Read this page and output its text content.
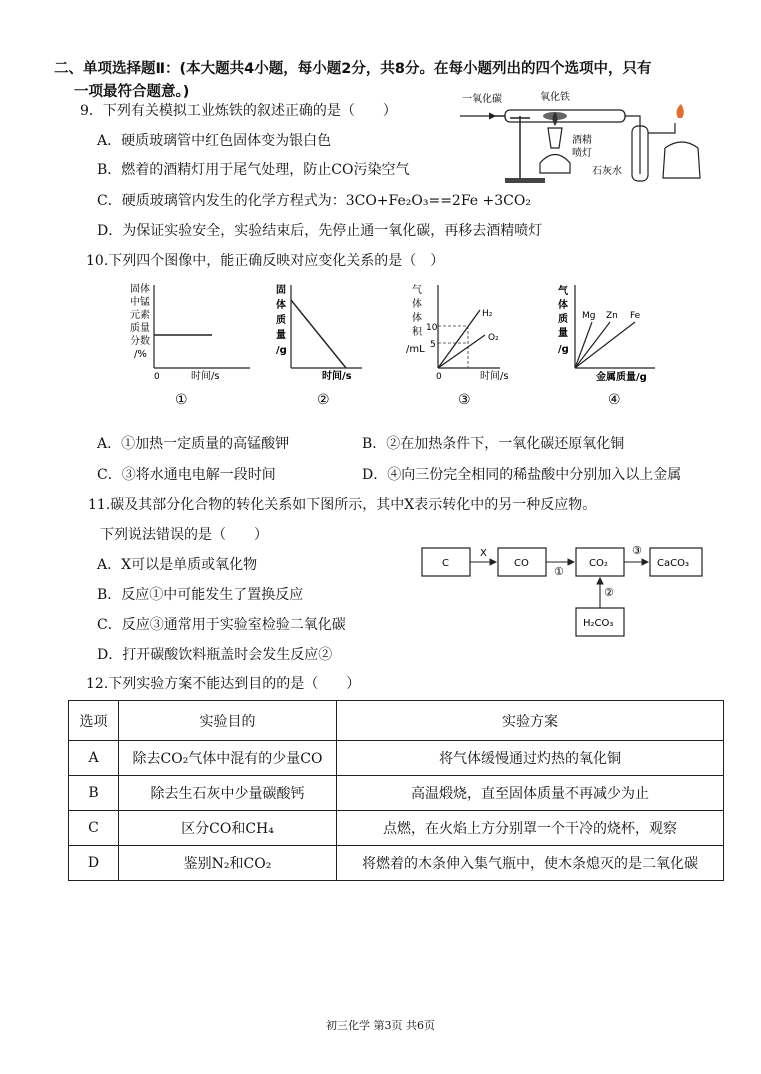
二、单项选择题Ⅱ：(本大题共4小题，每小题2分，共8分。在每小题列出的四个选项中，只有
一项最符合题意。)
9．下列有关模拟工业炼铁的叙述正确的是（　　）
A．硬质玻璃管中红色固体变为银白色
B．燃着的酒精灯用于尾气处理，防止CO污染空气
C．硬质玻璃管内发生的化学方程式为：3CO+Fe₂O₃==2Fe +3CO₂
D．为保证实验安全，实验结束后，先停止通一氧化碳，再移去酒精喷灯
一氧化碳	氧化铁
酒精
喷灯
石灰水
10.下列四个图像中，能正确反映对应变化关系的是（　）
固体
中锰
元素
质量
分数
/%
0	时间/s
①
固
体
质
量
/g
时间/s
②
气
体
体
积
/mL
10
5
H₂
O₂
0	时间/s
③
气
体
质
量
/g
Mg Zn Fe
金属质量/g
④
A．①加热一定质量的高锰酸钾	B．②在加热条件下，一氧化碳还原氧化铜
C．③将水通电电解一段时间	D．④向三份完全相同的稀盐酸中分别加入以上金属
11.碳及其部分化合物的转化关系如下图所示，其中X表示转化中的另一种反应物。
下列说法错误的是（　　）
A．X可以是单质或氧化物
B．反应①中可能发生了置换反应
C．反应③通常用于实验室检验二氧化碳
D．打开碳酸饮料瓶盖时会发生反应②
C
X
CO	CO₂	CaCO₃
H₂CO₃
①
②
③
12.下列实验方案不能达到目的的是（　　）
选项	实验目的	实验方案
A	除去CO₂气体中混有的少量CO	将气体缓慢通过灼热的氧化铜
B	除去生石灰中少量碳酸钙	高温煅烧，直至固体质量不再减少为止
C	区分CO和CH₄	点燃，在火焰上方分别罩一个干冷的烧杯，观察
D	鉴别N₂和CO₂	将燃着的木条伸入集气瓶中，使木条熄灭的是二氧化碳
初三化学 第3页 共6页
